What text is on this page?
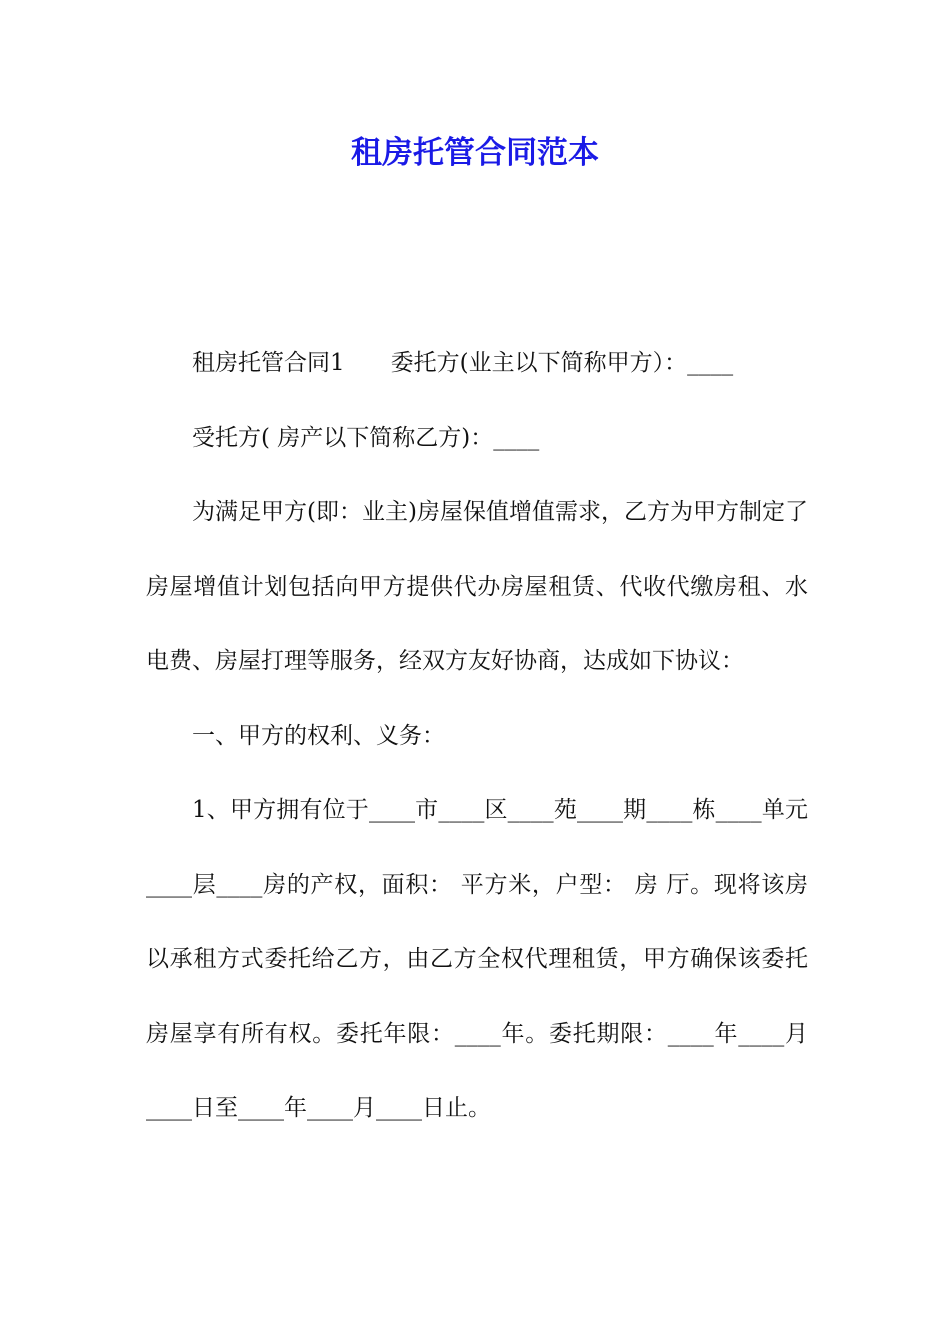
租房托管合同范本

租房托管合同1 委托方(业主以下简称甲方）：____

受托方( 房产以下简称乙方)：____

为满足甲方(即：业主)房屋保值增值需求，乙方为甲方制定了房屋增值计划包括向甲方提供代办房屋租赁、代收代缴房租、水电费、房屋打理等服务，经双方友好协商，达成如下协议：

一、甲方的权利、义务：

1、甲方拥有位于____市____区____苑____期____栋____单元____层____房的产权，面积： 平方米，户型： 房 厅。现将该房以承租方式委托给乙方，由乙方全权代理租赁，甲方确保该委托房屋享有所有权。委托年限：____年。委托期限：____年____月____日至____年____月____日止。
